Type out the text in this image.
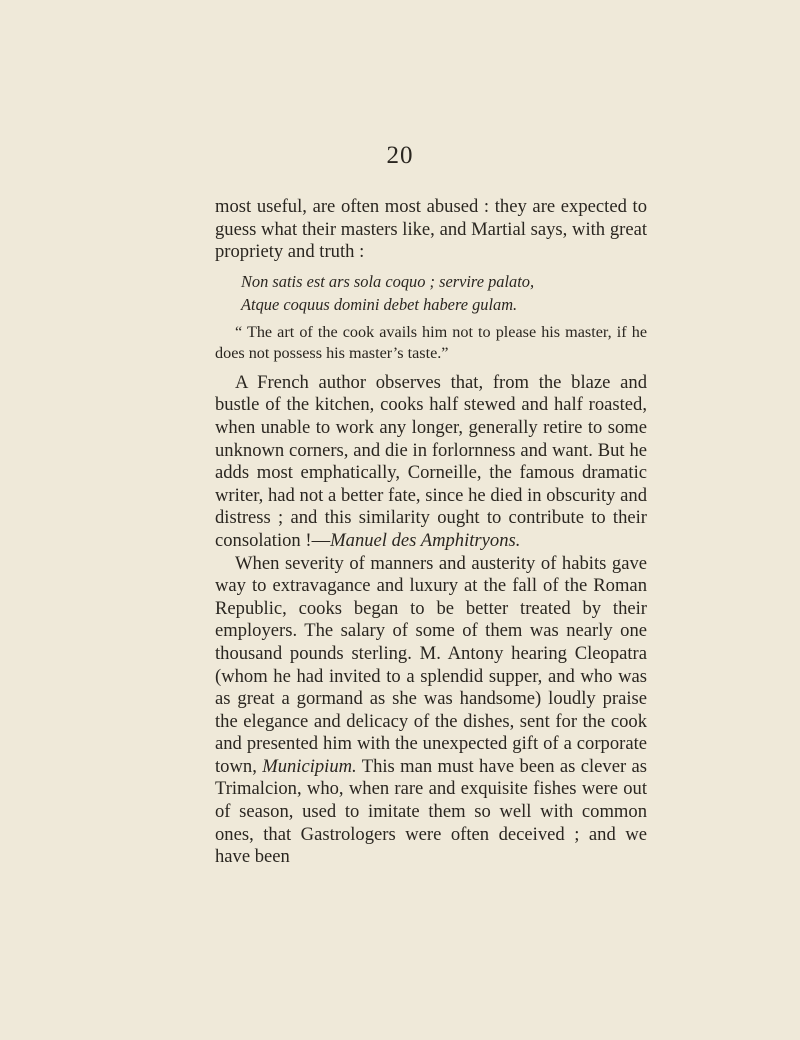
20

most useful, are often most abused : they are expected to guess what their masters like, and Martial says, with great propriety and truth :

Non satis est ars sola coquo ; servire palato,
Atque coquus domini debet habere gulam.

“ The art of the cook avails him not to please his master, if he does not possess his master’s taste.”

A French author observes that, from the blaze and bustle of the kitchen, cooks half stewed and half roasted, when unable to work any longer, generally retire to some unknown corners, and die in forlornness and want. But he adds most emphatically, Corneille, the famous dramatic writer, had not a better fate, since he died in obscurity and distress ; and this similarity ought to contribute to their consolation !—Manuel des Amphitryons.

When severity of manners and austerity of habits gave way to extravagance and luxury at the fall of the Roman Republic, cooks began to be better treated by their employers. The salary of some of them was nearly one thousand pounds sterling. M. Antony hearing Cleopatra (whom he had invited to a splendid supper, and who was as great a gormand as she was handsome) loudly praise the elegance and delicacy of the dishes, sent for the cook and presented him with the unexpected gift of a corporate town, Municipium. This man must have been as clever as Trimalcion, who, when rare and exquisite fishes were out of season, used to imitate them so well with common ones, that Gastrologers were often deceived ; and we have been
